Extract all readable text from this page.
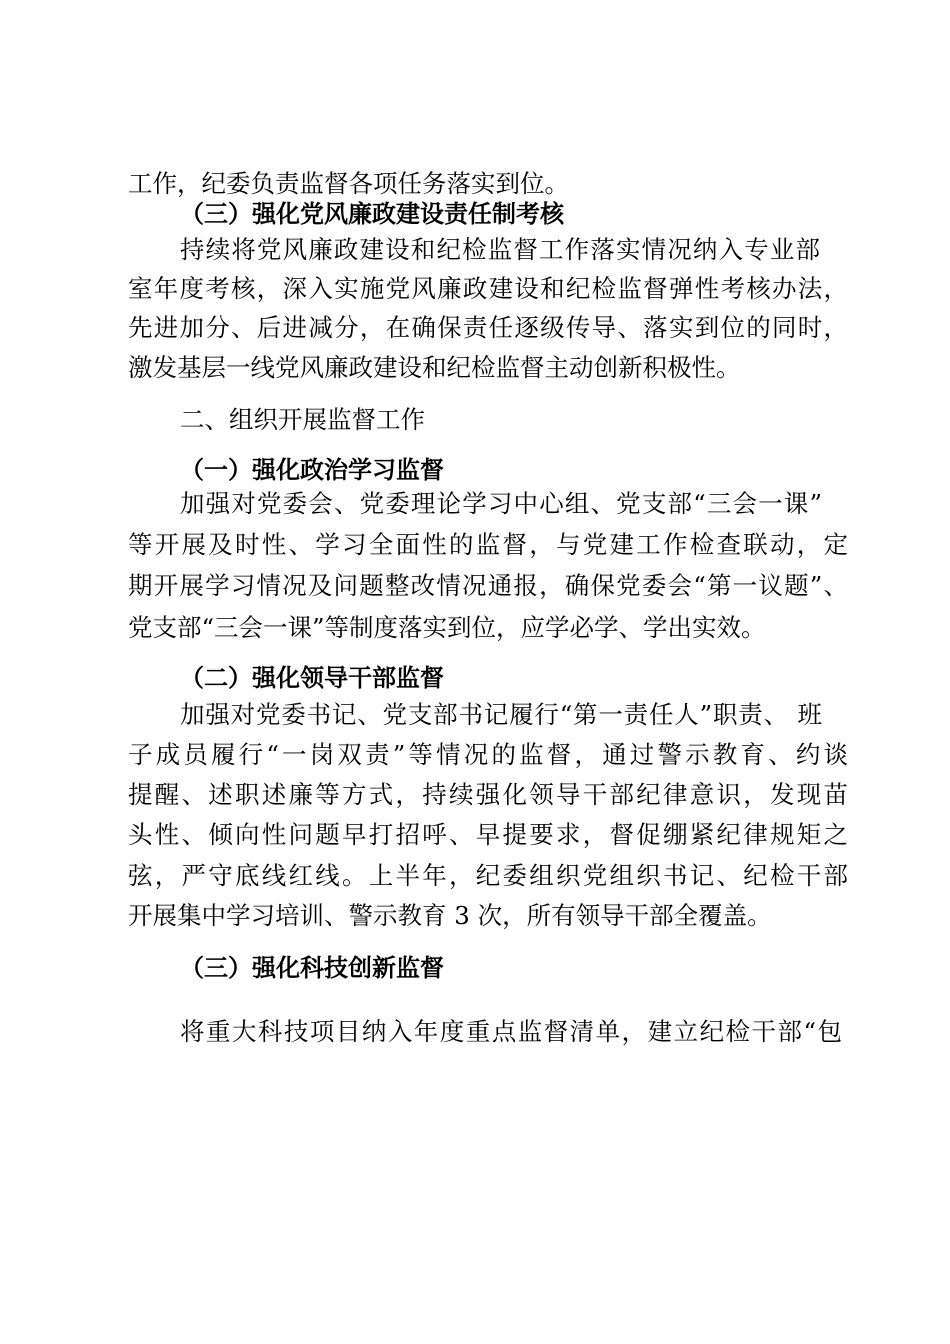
工作，纪委负责监督各项任务落实到位。
（三）强化党风廉政建设责任制考核
持续将党风廉政建设和纪检监督工作落实情况纳入专业部
室年度考核，深入实施党风廉政建设和纪检监督弹性考核办法，
先进加分、后进减分，在确保责任逐级传导、落实到位的同时，
激发基层一线党风廉政建设和纪检监督主动创新积极性。
二、组织开展监督工作
（一）强化政治学习监督
加强对党委会、党委理论学习中心组、党支部“三会一课”
等开展及时性、学习全面性的监督，与党建工作检查联动，定
期开展学习情况及问题整改情况通报，确保党委会“第一议题”、
党支部“三会一课”等制度落实到位，应学必学、学出实效。
（二）强化领导干部监督
加强对党委书记、党支部书记履行“第一责任人”职责、 班
子成员履行“一岗双责”等情况的监督，通过警示教育、约谈
提醒、述职述廉等方式，持续强化领导干部纪律意识，发现苗
头性、倾向性问题早打招呼、早提要求，督促绷紧纪律规矩之
弦，严守底线红线。上半年，纪委组织党组织书记、纪检干部
开展集中学习培训、警示教育 3 次，所有领导干部全覆盖。
（三）强化科技创新监督
将重大科技项目纳入年度重点监督清单，建立纪检干部“包
